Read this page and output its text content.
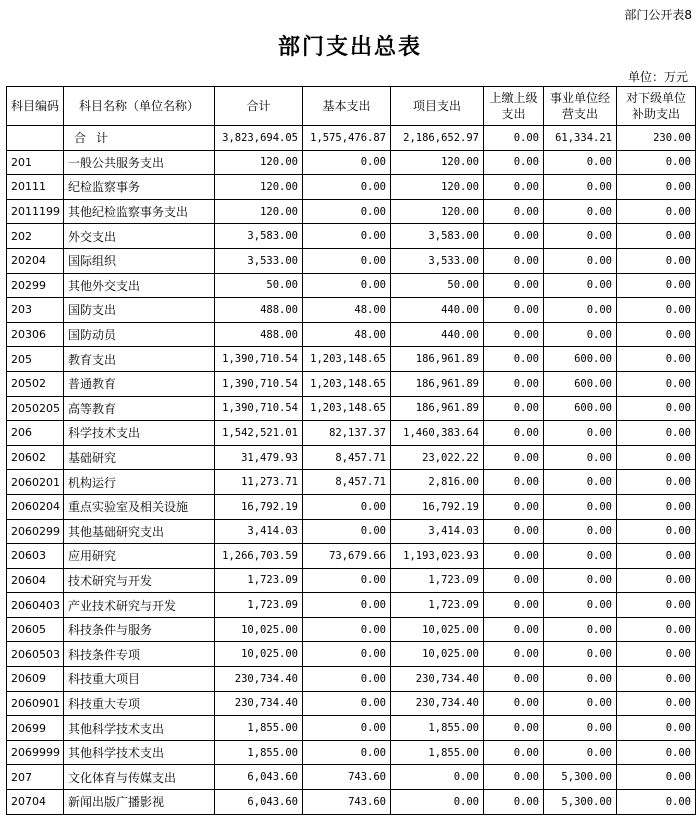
部门公开表8
部门支出总表
单位：万元
科目编码	科目名称（单位名称）	合计	基本支出	项目支出	上缴上级支出	事业单位经营支出	对下级单位补助支出
	合计	3,823,694.05	1,575,476.87	2,186,652.97	0.00	61,334.21	230.00
201	一般公共服务支出	120.00	0.00	120.00	0.00	0.00	0.00
20111	纪检监察事务	120.00	0.00	120.00	0.00	0.00	0.00
2011199	其他纪检监察事务支出	120.00	0.00	120.00	0.00	0.00	0.00
202	外交支出	3,583.00	0.00	3,583.00	0.00	0.00	0.00
20204	国际组织	3,533.00	0.00	3,533.00	0.00	0.00	0.00
20299	其他外交支出	50.00	0.00	50.00	0.00	0.00	0.00
203	国防支出	488.00	48.00	440.00	0.00	0.00	0.00
20306	国防动员	488.00	48.00	440.00	0.00	0.00	0.00
205	教育支出	1,390,710.54	1,203,148.65	186,961.89	0.00	600.00	0.00
20502	普通教育	1,390,710.54	1,203,148.65	186,961.89	0.00	600.00	0.00
2050205	高等教育	1,390,710.54	1,203,148.65	186,961.89	0.00	600.00	0.00
206	科学技术支出	1,542,521.01	82,137.37	1,460,383.64	0.00	0.00	0.00
20602	基础研究	31,479.93	8,457.71	23,022.22	0.00	0.00	0.00
2060201	机构运行	11,273.71	8,457.71	2,816.00	0.00	0.00	0.00
2060204	重点实验室及相关设施	16,792.19	0.00	16,792.19	0.00	0.00	0.00
2060299	其他基础研究支出	3,414.03	0.00	3,414.03	0.00	0.00	0.00
20603	应用研究	1,266,703.59	73,679.66	1,193,023.93	0.00	0.00	0.00
20604	技术研究与开发	1,723.09	0.00	1,723.09	0.00	0.00	0.00
2060403	产业技术研究与开发	1,723.09	0.00	1,723.09	0.00	0.00	0.00
20605	科技条件与服务	10,025.00	0.00	10,025.00	0.00	0.00	0.00
2060503	科技条件专项	10,025.00	0.00	10,025.00	0.00	0.00	0.00
20609	科技重大项目	230,734.40	0.00	230,734.40	0.00	0.00	0.00
2060901	科技重大专项	230,734.40	0.00	230,734.40	0.00	0.00	0.00
20699	其他科学技术支出	1,855.00	0.00	1,855.00	0.00	0.00	0.00
2069999	其他科学技术支出	1,855.00	0.00	1,855.00	0.00	0.00	0.00
207	文化体育与传媒支出	6,043.60	743.60	0.00	0.00	5,300.00	0.00
20704	新闻出版广播影视	6,043.60	743.60	0.00	0.00	5,300.00	0.00
